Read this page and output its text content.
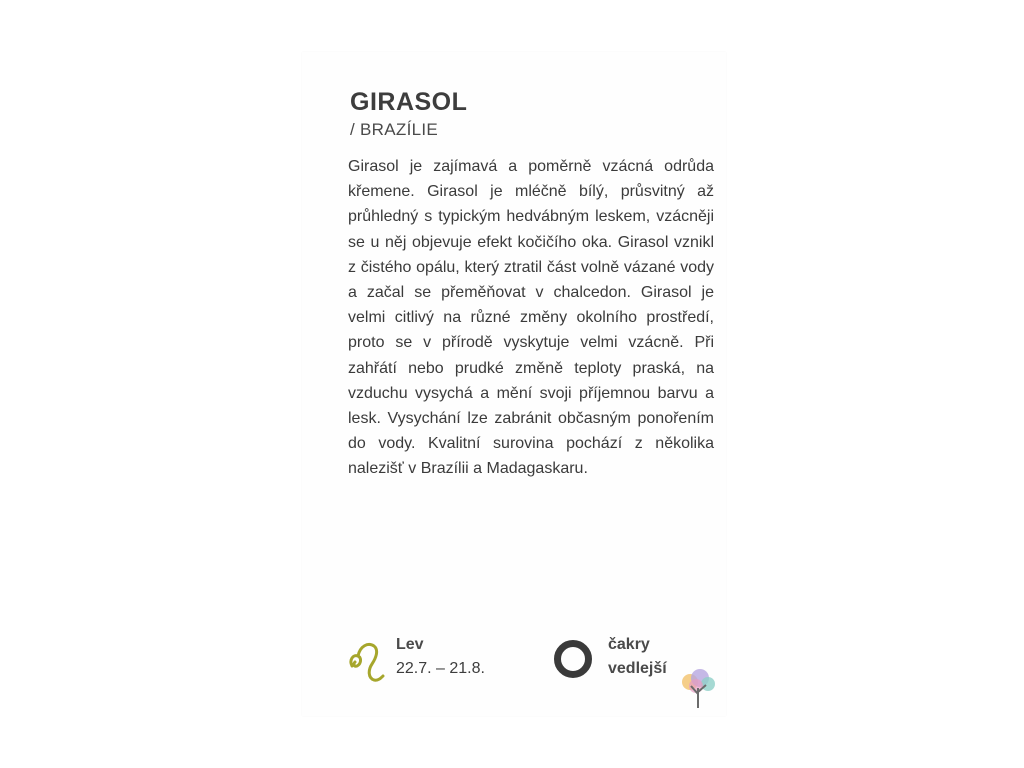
GIRASOL
/ BRAZÍLIE

Girasol je zajímavá a poměrně vzácná odrůda křemene. Girasol je mléčně bílý, průsvitný až průhledný s typickým hedvábným leskem, vzácněji se u něj objevuje efekt kočičího oka. Girasol vznikl z čistého opálu, který ztratil část volně vázané vody a začal se přeměňovat v chalcedon. Girasol je velmi citlivý na různé změny okolního prostředí, proto se v přírodě vyskytuje velmi vzácně. Při zahřátí nebo prudké změně teploty praská, na vzduchu vysychá a mění svoji příjemnou barvu a lesk. Vysychání lze zabránit občasným ponořením do vody. Kvalitní surovina pochází z několika nalezišť v Brazílii a Madagaskaru.

Lev
22.7. – 21.8.
čakry
vedlejší
